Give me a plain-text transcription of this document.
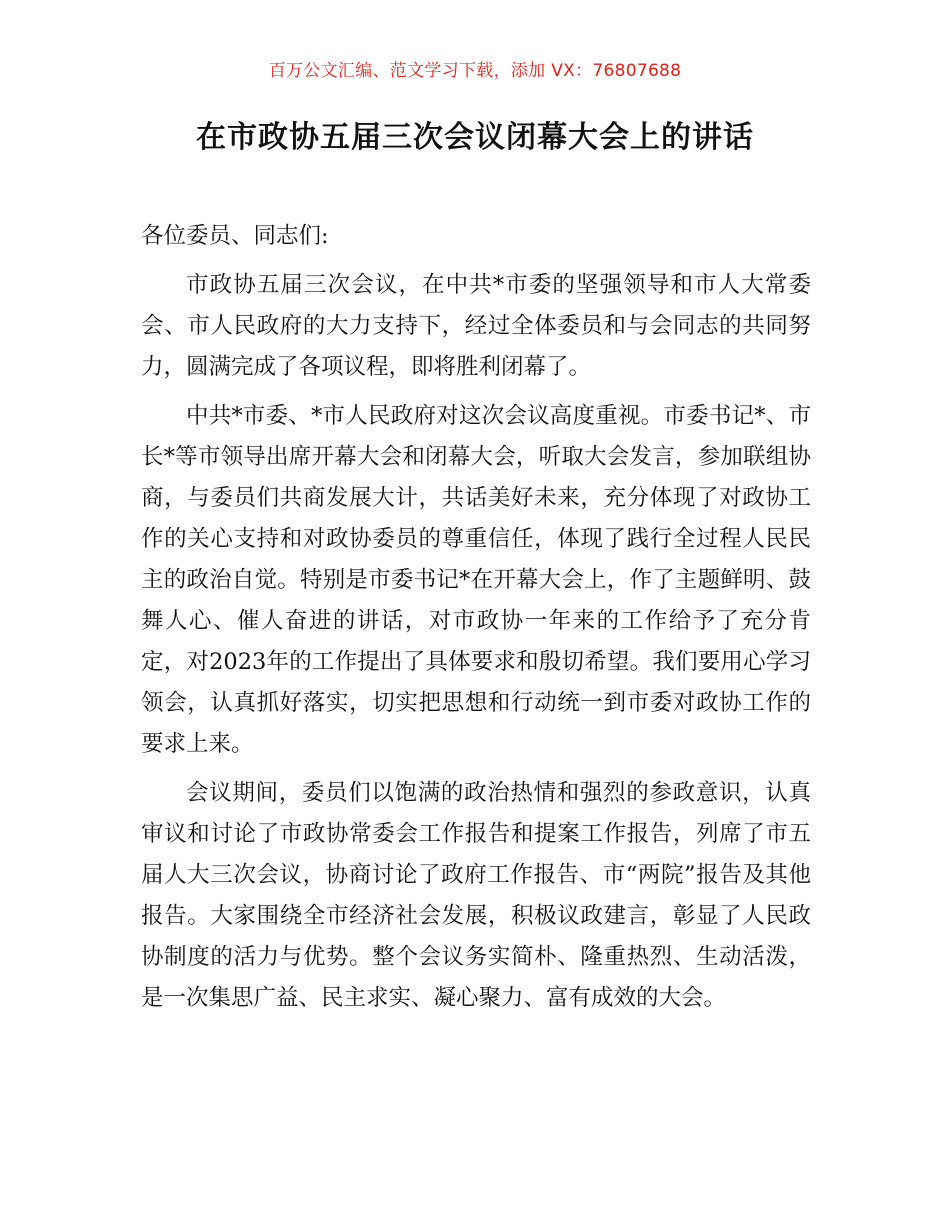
百万公文汇编、范文学习下载，添加 VX：76807688
在市政协五届三次会议闭幕大会上的讲话

各位委员、同志们:

市政协五届三次会议，在中共*市委的坚强领导和市人大常委会、市人民政府的大力支持下，经过全体委员和与会同志的共同努力，圆满完成了各项议程，即将胜利闭幕了。

中共*市委、*市人民政府对这次会议高度重视。市委书记*、市长*等市领导出席开幕大会和闭幕大会，听取大会发言，参加联组协商，与委员们共商发展大计，共话美好未来，充分体现了对政协工作的关心支持和对政协委员的尊重信任，体现了践行全过程人民民主的政治自觉。特别是市委书记*在开幕大会上，作了主题鲜明、鼓舞人心、催人奋进的讲话，对市政协一年来的工作给予了充分肯定，对2023年的工作提出了具体要求和殷切希望。我们要用心学习领会，认真抓好落实，切实把思想和行动统一到市委对政协工作的要求上来。

会议期间，委员们以饱满的政治热情和强烈的参政意识，认真审议和讨论了市政协常委会工作报告和提案工作报告，列席了市五届人大三次会议，协商讨论了政府工作报告、市“两院”报告及其他报告。大家围绕全市经济社会发展，积极议政建言，彰显了人民政协制度的活力与优势。整个会议务实简朴、隆重热烈、生动活泼，是一次集思广益、民主求实、凝心聚力、富有成效的大会。
